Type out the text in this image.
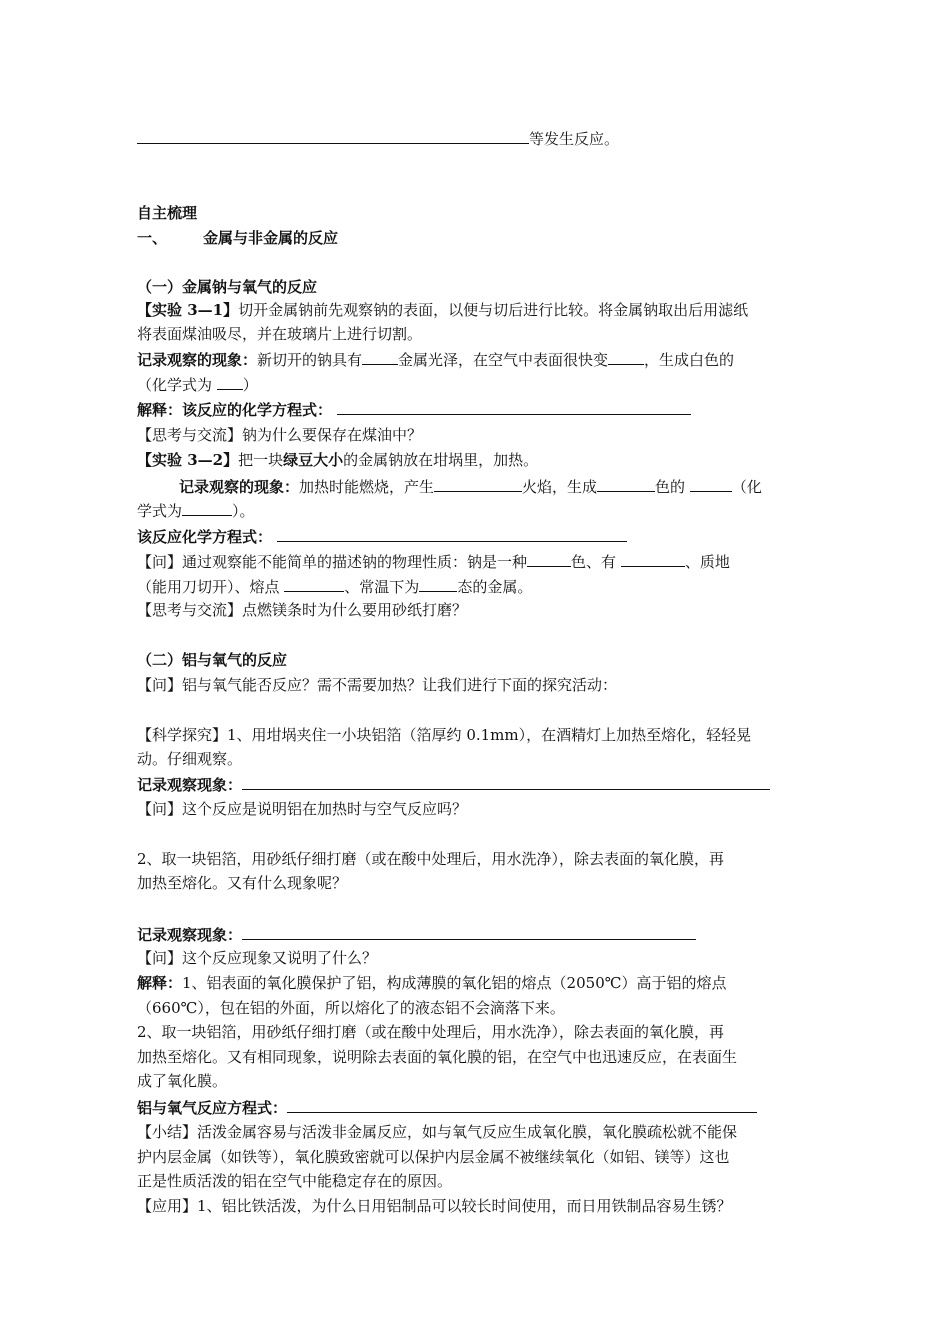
等发生反应。
自主梳理
一、 金属与非金属的反应
（一）金属钠与氧气的反应
【实验 3—1】切开金属钠前先观察钠的表面，以便与切后进行比较。将金属钠取出后用滤纸
将表面煤油吸尽，并在玻璃片上进行切割。
记录观察的现象：新切开的钠具有 金属光泽，在空气中表面很快变 ，生成白色的
（化学式为 ）
解释：该反应的化学方程式：
【思考与交流】钠为什么要保存在煤油中？
【实验 3—2】把一块绿豆大小的金属钠放在坩埚里，加热。
记录观察的现象：加热时能燃烧，产生	火焰，生成	色的	（化
学式为	）。
该反应化学方程式：
【问】通过观察能不能简单的描述钠的物理性质：钠是一种	色、有	、质地
（能用刀切开）、熔点	、常温下为	态的金属。
【思考与交流】点燃镁条时为什么要用砂纸打磨？
（二）铝与氧气的反应
【问】铝与氧气能否反应？需不需要加热？让我们进行下面的探究活动：
【科学探究】1、用坩埚夹住一小块铝箔（箔厚约 0.1mm），在酒精灯上加热至熔化，轻轻晃
动。仔细观察。
记录观察现象：
【问】这个反应是说明铝在加热时与空气反应吗？
2、取一块铝箔，用砂纸仔细打磨（或在酸中处理后，用水洗净），除去表面的氧化膜，再
加热至熔化。又有什么现象呢？
记录观察现象：
【问】这个反应现象又说明了什么？
解释：1、铝表面的氧化膜保护了铝，构成薄膜的氧化铝的熔点（2050℃）高于铝的熔点
（660℃），包在铝的外面，所以熔化了的液态铝不会滴落下来。
2、取一块铝箔，用砂纸仔细打磨（或在酸中处理后，用水洗净），除去表面的氧化膜，再
加热至熔化。又有相同现象，说明除去表面的氧化膜的铝，在空气中也迅速反应，在表面生
成了氧化膜。
铝与氧气反应方程式：
【小结】活泼金属容易与活泼非金属反应，如与氧气反应生成氧化膜，氧化膜疏松就不能保
护内层金属（如铁等），氧化膜致密就可以保护内层金属不被继续氧化（如铝、镁等）这也
正是性质活泼的铝在空气中能稳定存在的原因。
【应用】1、铝比铁活泼，为什么日用铝制品可以较长时间使用，而日用铁制品容易生锈？
